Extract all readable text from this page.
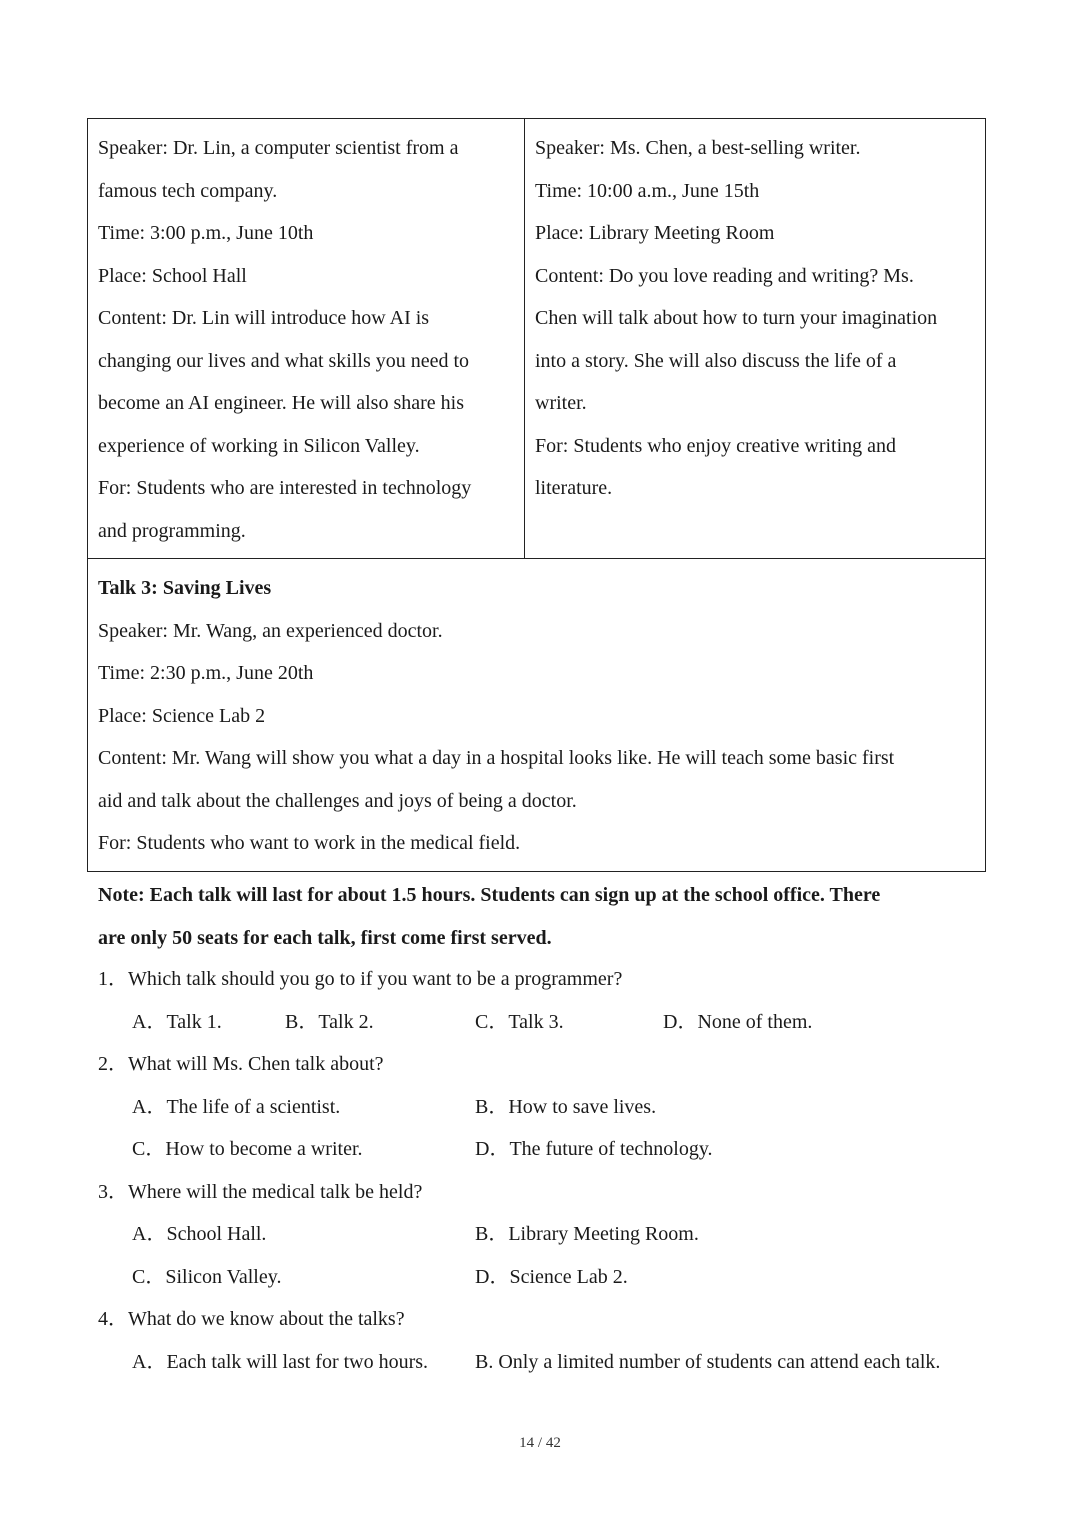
Speaker: Dr. Lin, a computer scientist from a
famous tech company.
Time: 3:00 p.m., June 10th
Place: School Hall
Content: Dr. Lin will introduce how AI is
changing our lives and what skills you need to
become an AI engineer. He will also share his
experience of working in Silicon Valley.
For: Students who are interested in technology
and programming.
Speaker: Ms. Chen, a best-selling writer.
Time: 10:00 a.m., June 15th
Place: Library Meeting Room
Content: Do you love reading and writing? Ms.
Chen will talk about how to turn your imagination
into a story. She will also discuss the life of a
writer.
For: Students who enjoy creative writing and
literature.
Talk 3: Saving Lives
Speaker: Mr. Wang, an experienced doctor.
Time: 2:30 p.m., June 20th
Place: Science Lab 2
Content: Mr. Wang will show you what a day in a hospital looks like. He will teach some basic first
aid and talk about the challenges and joys of being a doctor.
For: Students who want to work in the medical field.
Note: Each talk will last for about 1.5 hours. Students can sign up at the school office. There
are only 50 seats for each talk, first come first served.
1．Which talk should you go to if you want to be a programmer?
A．Talk 1.	B．Talk 2.	C．Talk 3.	D．None of them.
2．What will Ms. Chen talk about?
A．The life of a scientist.	B．How to save lives.
C．How to become a writer.	D．The future of technology.
3．Where will the medical talk be held?
A．School Hall.	B．Library Meeting Room.
C．Silicon Valley.	D．Science Lab 2.
4．What do we know about the talks?
A．Each talk will last for two hours.	B. Only a limited number of students can attend each talk.
14 / 42
